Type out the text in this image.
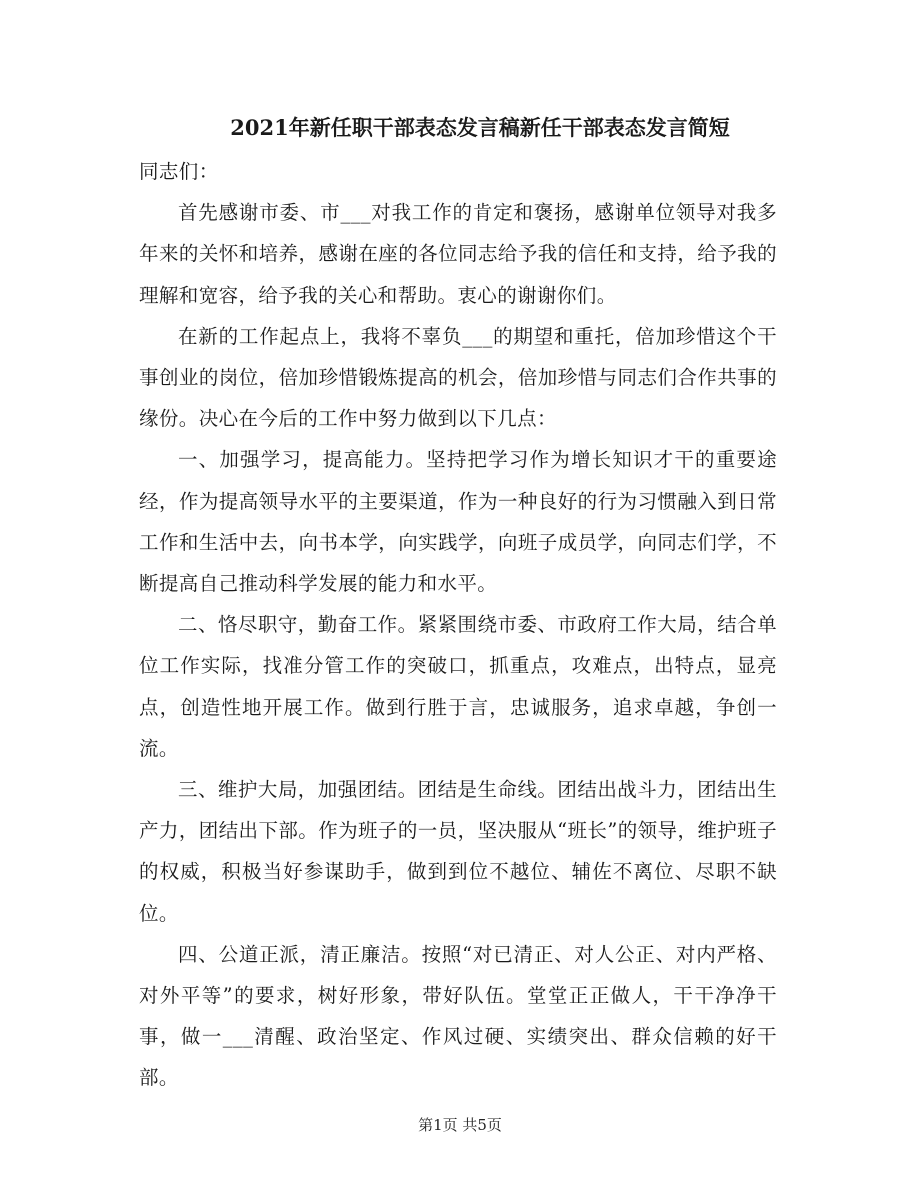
2021年新任职干部表态发言稿新任干部表态发言简短

同志们：

首先感谢市委、市___对我工作的肯定和褒扬，感谢单位领导对我多年来的关怀和培养，感谢在座的各位同志给予我的信任和支持，给予我的理解和宽容，给予我的关心和帮助。衷心的谢谢你们。

在新的工作起点上，我将不辜负___的期望和重托，倍加珍惜这个干事创业的岗位，倍加珍惜锻炼提高的机会，倍加珍惜与同志们合作共事的缘份。决心在今后的工作中努力做到以下几点：

一、加强学习，提高能力。坚持把学习作为增长知识才干的重要途经，作为提高领导水平的主要渠道，作为一种良好的行为习惯融入到日常工作和生活中去，向书本学，向实践学，向班子成员学，向同志们学，不断提高自己推动科学发展的能力和水平。

二、恪尽职守，勤奋工作。紧紧围绕市委、市政府工作大局，结合单位工作实际，找准分管工作的突破口，抓重点，攻难点，出特点，显亮点，创造性地开展工作。做到行胜于言，忠诚服务，追求卓越，争创一流。

三、维护大局，加强团结。团结是生命线。团结出战斗力，团结出生产力，团结出下部。作为班子的一员，坚决服从“班长”的领导，维护班子的权威，积极当好参谋助手，做到到位不越位、辅佐不离位、尽职不缺位。

四、公道正派，清正廉洁。按照“对已清正、对人公正、对内严格、对外平等”的要求，树好形象，带好队伍。堂堂正正做人，干干净净干事，做一___清醒、政治坚定、作风过硬、实绩突出、群众信赖的好干部。

第1页 共5页
